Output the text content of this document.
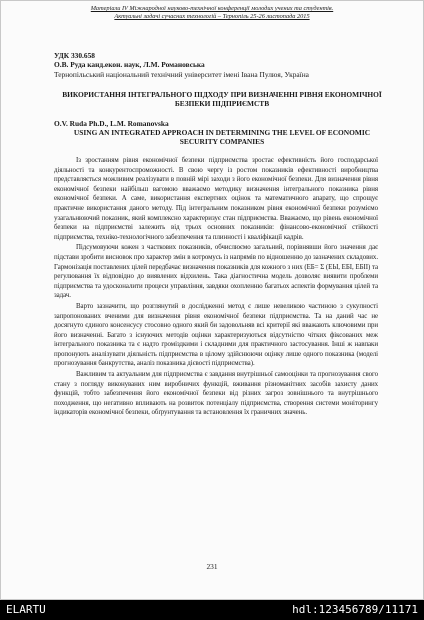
Матеріали IV Міжнародної науково-технічної конференції молодих учених та студентів.
Актуальні задачі сучасних технологій – Тернопіль 25-26 листопада 2015
УДК 330.658
О.В. Руда канд.екон. наук, Л.М. Романовська
Тернопільський національний технічний університет імені Івана Пулюя, Україна
ВИКОРИСТАННЯ ІНТЕГРАЛЬНОГО ПІДХОДУ ПРИ ВИЗНАЧЕННІ РІВНЯ ЕКОНОМІЧНОЇ БЕЗПЕКИ ПІДПРИЄМСТВ
O.V. Ruda Ph.D., L.M. Romanovska
USING AN INTEGRATED APPROACH IN DETERMINING THE LEVEL OF ECONOMIC SECURITY COMPANIES

Із зростанням рівня економічної безпеки підприємства зростає ефективність його господарської діяльності та конкурентоспроможності. В свою чергу із ростом показників ефективності виробництва представляється можливим реалізувати в повній мірі заходи з його економічної безпеки. Для визначення рівня економічної безпеки найбільш вагомою вважаємо методику визначення інтегрального показника рівня економічної безпеки. А саме, використання експертних оцінок та математичного апарату, що спрощує практичне використання даного методу. Під інтегральним показником рівня економічної безпеки розуміємо узагальнюючий показник, який комплексно характеризує стан підприємства. Вважаємо, що рівень економічної безпеки на підприємстві залежить від трьох основних показників: фінансово-економічної стійкості підприємства, техніко-технологічного забезпечення та плинності і кваліфікації кадрів.

Підсумовуючи кожен з часткових показників, обчислюємо загальний, порівнявши його значення дає підстави зробити висновок про характер змін в котромусь із напрямів по відношенню до зазначених складових. Гармонізація поставлених цілей передбачає визначення показників для кожного з них (ЕБ= Σ (ЕЫ, ЕБІ, ЕБІІ) та регулювання їх відповідно до виявлених відхилень. Така діагностична модель дозволяє виявити проблеми підприємства та удосконалити процеси управління, завдяки охопленню багатьох аспектів формування цілей та задач.

Варто зазначити, що розглянутий в дослідженні метод є лише невеликою частиною з сукупності запропонованих вченими для визначення рівня економічної безпеки підприємства. Та на даний час не досягнуто єдиного консенсусу стосовно одного який би задовольняв всі критерії які вважають ключовими при його визначенні. Багато з існуючих методів оцінки характеризуються відсутністю чітких фіксованих меж інтегрального показника та є надто громіздкими і складними для практичного застосування. Інші ж навпаки пропонують аналізувати діяльність підприємства в цілому здійснюючи оцінку лише одного показника (моделі прогнозування банкрутства, аналіз показника дієвості підприємства).

Важливим та актуальним для підприємства є завдання внутрішньої самооцінки та прогнозування свого стану з погляду виконуваних ним виробничих функцій, вживання різноманітних засобів захисту даних функцій, тобто забезпечення його економічної безпеки від різних загроз зовнішнього та внутрішнього походження, що негативно впливають на розвиток потенціалу підприємства, створення системи моніторингу індикаторів економічної безпеки, обґрунтування та встановлення їх граничних значень.

231
ELARTU	hdl:123456789/11171
